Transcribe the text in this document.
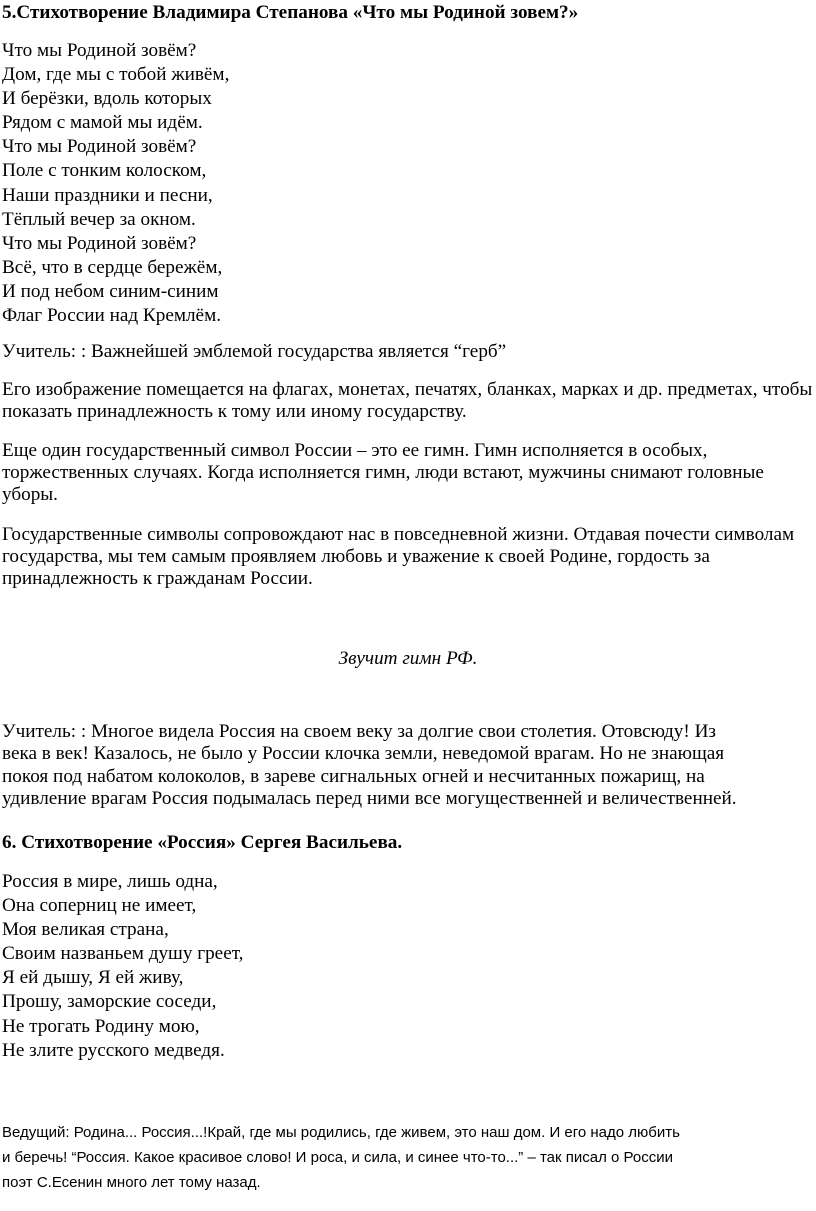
5.Стихотворение Владимира Степанова «Что мы Родиной зовем?»
Что мы Родиной зовём?
Дом, где мы с тобой живём,
И берёзки, вдоль которых
Рядом с мамой мы идём.
Что мы Родиной зовём?
Поле с тонким колоском,
Наши праздники и песни,
Тёплый вечер за окном.
Что мы Родиной зовём?
Всё, что в сердце бережём,
И под небом синим-синим
Флаг России над Кремлём.
Учитель: : Важнейшей эмблемой государства является “герб”

Его изображение помещается на флагах, монетах, печатях, бланках, марках и др. предметах, чтобы показать принадлежность к тому или иному государству.

Еще один государственный символ России – это ее гимн. Гимн исполняется в особых, торжественных случаях. Когда исполняется гимн, люди встают, мужчины снимают головные уборы.

Государственные символы сопровождают нас в повседневной жизни. Отдавая почести символам государства, мы тем самым проявляем любовь и уважение к своей Родине, гордость за принадлежность к гражданам России.

Звучит гимн РФ.
Учитель: : Многое видела Россия на своем веку за долгие свои столетия. Отовсюду! Из
века в век! Казалось, не было у России клочка земли, неведомой врагам. Но не знающая
покоя под набатом колоколов, в зареве сигнальных огней и несчитанных пожарищ, на
удивление врагам Россия подымалась перед ними все могущественней и величественней.
6. Стихотворение «Россия» Сергея Васильева.
Россия в мире, лишь одна,
Она соперниц не имеет,
Моя великая страна,
Своим названьем душу греет,
Я ей дышу, Я ей живу,
Прошу, заморские соседи,
Не трогать Родину мою,
Не злите русского медведя.
Ведущий: Родина... Россия...!Край, где мы родились, где живем, это наш дом. И его надо любить
и беречь! “Россия. Какое красивое слово! И роса, и сила, и синее что-то...” – так писал о России
поэт С.Есенин много лет тому назад.
